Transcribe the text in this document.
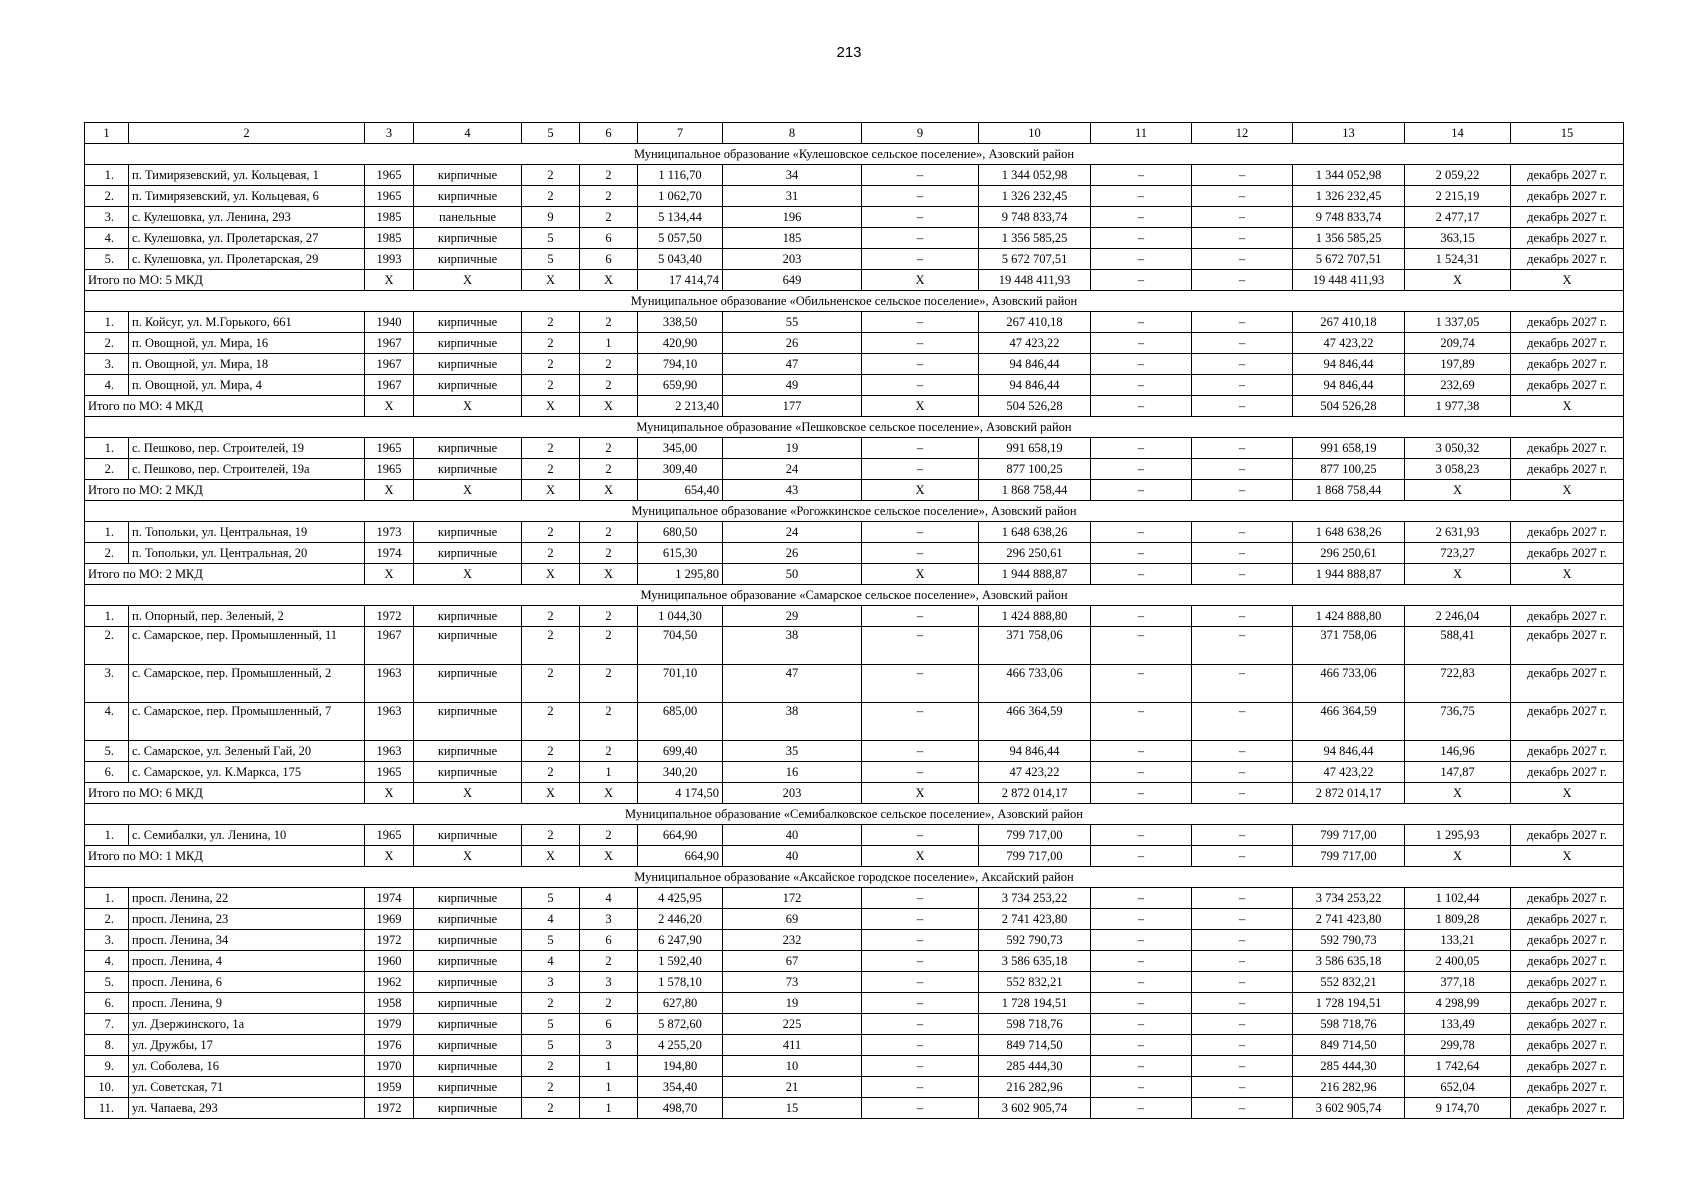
213
1	2	3	4	5	6	7	8	9	10	11	12	13	14	15
Муниципальное образование «Кулешовское сельское поселение», Азовский район														
1.	п. Тимирязевский, ул. Кольцевая, 1	1965	кирпичные	2	2	1 116,70	34	–	1 344 052,98	–	–	1 344 052,98	2 059,22	декабрь 2027 г.
2.	п. Тимирязевский, ул. Кольцевая, 6	1965	кирпичные	2	2	1 062,70	31	–	1 326 232,45	–	–	1 326 232,45	2 215,19	декабрь 2027 г.
3.	с. Кулешовка, ул. Ленина, 293	1985	панельные	9	2	5 134,44	196	–	9 748 833,74	–	–	9 748 833,74	2 477,17	декабрь 2027 г.
4.	с. Кулешовка, ул. Пролетарская, 27	1985	кирпичные	5	6	5 057,50	185	–	1 356 585,25	–	–	1 356 585,25	363,15	декабрь 2027 г.
5.	с. Кулешовка, ул. Пролетарская, 29	1993	кирпичные	5	6	5 043,40	203	–	5 672 707,51	–	–	5 672 707,51	1 524,31	декабрь 2027 г.
Итого по МО: 5 МКД		X	X	X	X	17 414,74	649	X	19 448 411,93	–	–	19 448 411,93	X	X
Муниципальное образование «Обильненское сельское поселение», Азовский район														
1.	п. Койсуг, ул. М.Горького, 661	1940	кирпичные	2	2	338,50	55	–	267 410,18	–	–	267 410,18	1 337,05	декабрь 2027 г.
2.	п. Овощной, ул. Мира, 16	1967	кирпичные	2	1	420,90	26	–	47 423,22	–	–	47 423,22	209,74	декабрь 2027 г.
3.	п. Овощной, ул. Мира, 18	1967	кирпичные	2	2	794,10	47	–	94 846,44	–	–	94 846,44	197,89	декабрь 2027 г.
4.	п. Овощной, ул. Мира, 4	1967	кирпичные	2	2	659,90	49	–	94 846,44	–	–	94 846,44	232,69	декабрь 2027 г.
Итого по МО: 4 МКД		X	X	X	X	2 213,40	177	X	504 526,28	–	–	504 526,28	1 977,38	X
Муниципальное образование «Пешковское сельское поселение», Азовский район														
1.	с. Пешково, пер. Строителей, 19	1965	кирпичные	2	2	345,00	19	–	991 658,19	–	–	991 658,19	3 050,32	декабрь 2027 г.
2.	с. Пешково, пер. Строителей, 19а	1965	кирпичные	2	2	309,40	24	–	877 100,25	–	–	877 100,25	3 058,23	декабрь 2027 г.
Итого по МО: 2 МКД		X	X	X	X	654,40	43	X	1 868 758,44	–	–	1 868 758,44	X	X
Муниципальное образование «Рогожкинское сельское поселение», Азовский район														
1.	п. Топольки, ул. Центральная, 19	1973	кирпичные	2	2	680,50	24	–	1 648 638,26	–	–	1 648 638,26	2 631,93	декабрь 2027 г.
2.	п. Топольки, ул. Центральная, 20	1974	кирпичные	2	2	615,30	26	–	296 250,61	–	–	296 250,61	723,27	декабрь 2027 г.
Итого по МО: 2 МКД		X	X	X	X	1 295,80	50	X	1 944 888,87	–	–	1 944 888,87	X	X
Муниципальное образование «Самарское сельское поселение», Азовский район														
1.	п. Опорный, пер. Зеленый, 2	1972	кирпичные	2	2	1 044,30	29	–	1 424 888,80	–	–	1 424 888,80	2 246,04	декабрь 2027 г.
2.	с. Самарское, пер. Промышленный, 11	1967	кирпичные	2	2	704,50	38	–	371 758,06	–	–	371 758,06	588,41	декабрь 2027 г.
3.	с. Самарское, пер. Промышленный, 2	1963	кирпичные	2	2	701,10	47	–	466 733,06	–	–	466 733,06	722,83	декабрь 2027 г.
4.	с. Самарское, пер. Промышленный, 7	1963	кирпичные	2	2	685,00	38	–	466 364,59	–	–	466 364,59	736,75	декабрь 2027 г.
5.	с. Самарское, ул. Зеленый Гай, 20	1963	кирпичные	2	2	699,40	35	–	94 846,44	–	–	94 846,44	146,96	декабрь 2027 г.
6.	с. Самарское, ул. К.Маркса, 175	1965	кирпичные	2	1	340,20	16	–	47 423,22	–	–	47 423,22	147,87	декабрь 2027 г.
Итого по МО: 6 МКД		X	X	X	X	4 174,50	203	X	2 872 014,17	–	–	2 872 014,17	X	X
Муниципальное образование «Семибалковское сельское поселение», Азовский район														
1.	с. Семибалки, ул. Ленина, 10	1965	кирпичные	2	2	664,90	40	–	799 717,00	–	–	799 717,00	1 295,93	декабрь 2027 г.
Итого по МО: 1 МКД		X	X	X	X	664,90	40	X	799 717,00	–	–	799 717,00	X	X
Муниципальное образование «Аксайское городское поселение», Аксайский район														
1.	просп. Ленина, 22	1974	кирпичные	5	4	4 425,95	172	–	3 734 253,22	–	–	3 734 253,22	1 102,44	декабрь 2027 г.
2.	просп. Ленина, 23	1969	кирпичные	4	3	2 446,20	69	–	2 741 423,80	–	–	2 741 423,80	1 809,28	декабрь 2027 г.
3.	просп. Ленина, 34	1972	кирпичные	5	6	6 247,90	232	–	592 790,73	–	–	592 790,73	133,21	декабрь 2027 г.
4.	просп. Ленина, 4	1960	кирпичные	4	2	1 592,40	67	–	3 586 635,18	–	–	3 586 635,18	2 400,05	декабрь 2027 г.
5.	просп. Ленина, 6	1962	кирпичные	3	3	1 578,10	73	–	552 832,21	–	–	552 832,21	377,18	декабрь 2027 г.
6.	просп. Ленина, 9	1958	кирпичные	2	2	627,80	19	–	1 728 194,51	–	–	1 728 194,51	4 298,99	декабрь 2027 г.
7.	ул. Дзержинского, 1а	1979	кирпичные	5	6	5 872,60	225	–	598 718,76	–	–	598 718,76	133,49	декабрь 2027 г.
8.	ул. Дружбы, 17	1976	кирпичные	5	3	4 255,20	411	–	849 714,50	–	–	849 714,50	299,78	декабрь 2027 г.
9.	ул. Соболева, 16	1970	кирпичные	2	1	194,80	10	–	285 444,30	–	–	285 444,30	1 742,64	декабрь 2027 г.
10.	ул. Советская, 71	1959	кирпичные	2	1	354,40	21	–	216 282,96	–	–	216 282,96	652,04	декабрь 2027 г.
11.	ул. Чапаева, 293	1972	кирпичные	2	1	498,70	15	–	3 602 905,74	–	–	3 602 905,74	9 174,70	декабрь 2027 г.
